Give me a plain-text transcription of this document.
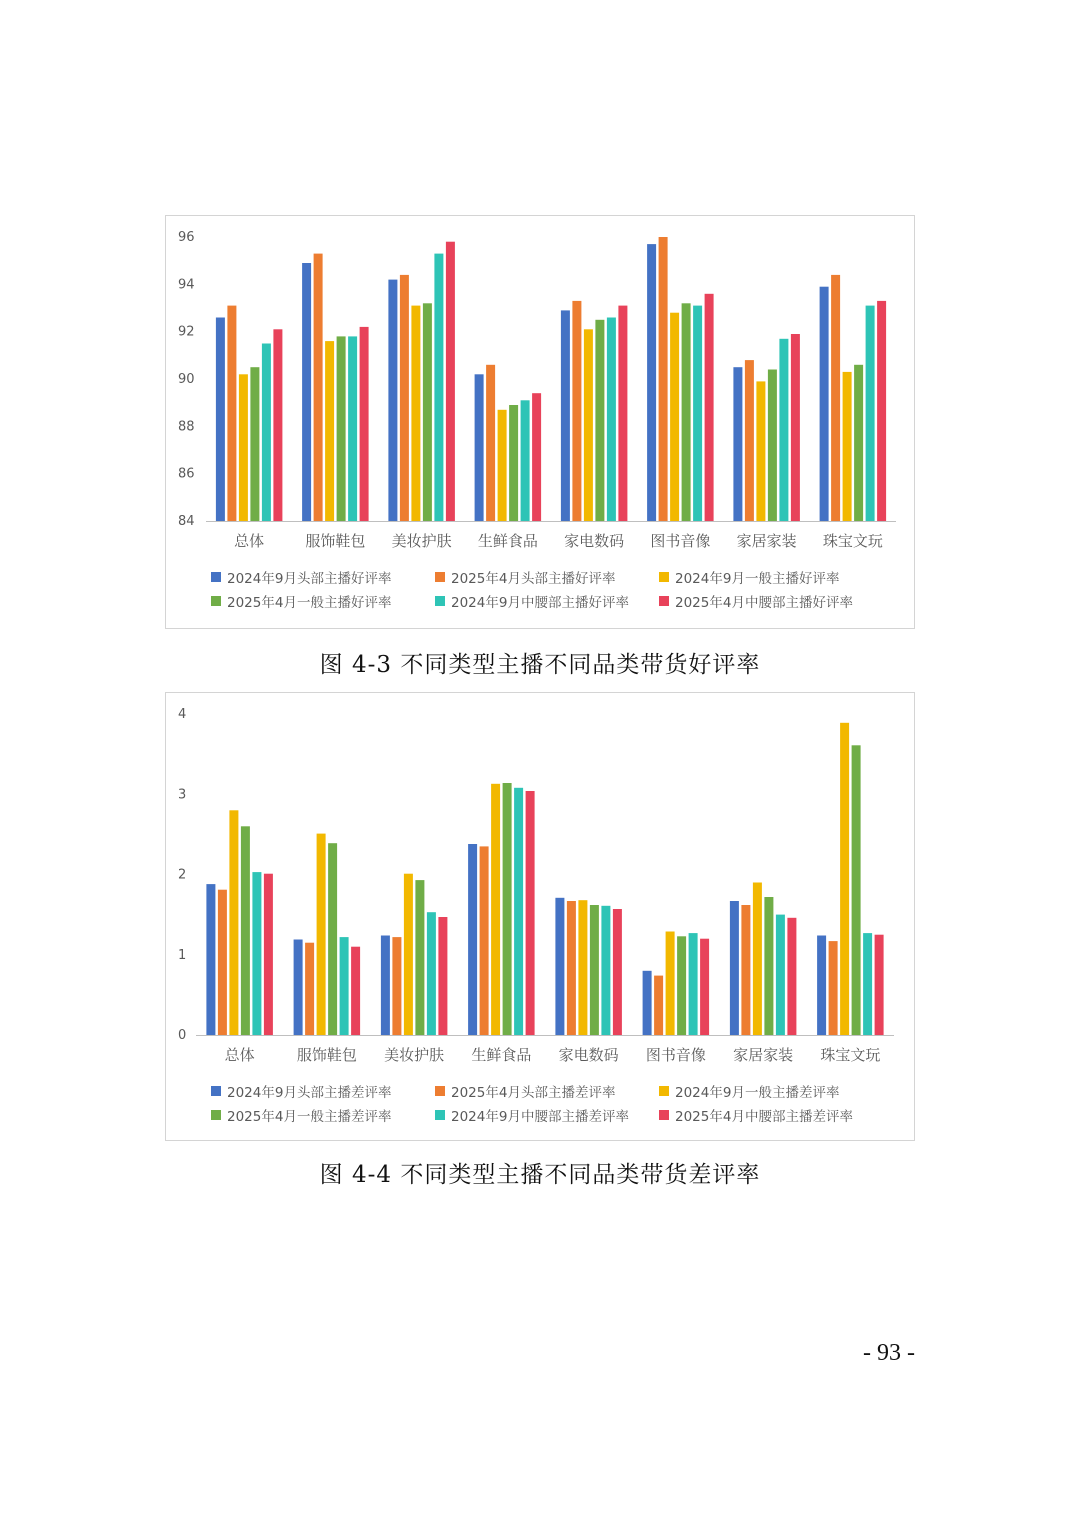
84
86
88
90
92
94
96
总体	服饰鞋包 美妆护肤 生鲜食品 家电数码 图书音像 家居家装 珠宝文玩
2024年9月头部主播好评率	2025年4月头部主播好评率	2024年9月一般主播好评率
2025年4月一般主播好评率	2024年9月中腰部主播好评率	2025年4月中腰部主播好评率
图 4-3 不同类型主播不同品类带货好评率
0
1
2
3
4
总体	服饰鞋包 美妆护肤 生鲜食品 家电数码 图书音像 家居家装 珠宝文玩
2024年9月头部主播差评率	2025年4月头部主播差评率	2024年9月一般主播差评率
2025年4月一般主播差评率	2024年9月中腰部主播差评率	2025年4月中腰部主播差评率
图 4-4 不同类型主播不同品类带货差评率
- 93 -
